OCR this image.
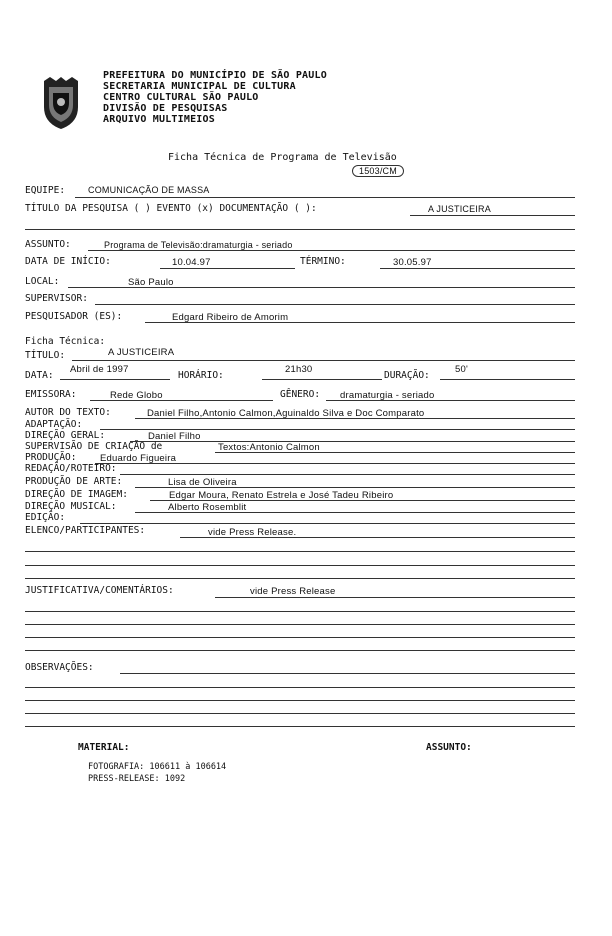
PREFEITURA DO MUNICÍPIO DE SÃO PAULO
SECRETARIA MUNICIPAL DE CULTURA
CENTRO CULTURAL SÃO PAULO
DIVISÃO DE PESQUISAS
ARQUIVO MULTIMEIOS
Ficha Técnica de Programa de Televisão
1503/CM
EQUIPE:	COMUNICAÇÃO DE MASSA
TÍTULO DA PESQUISA ( ) EVENTO (x) DOCUMENTAÇÃO ( ):	A JUSTICEIRA
ASSUNTO:	Programa de Televisão:dramaturgia - seriado
DATA DE INÍCIO:	10.04.97	TÉRMINO:	30.05.97
LOCAL:	São Paulo
SUPERVISOR:
PESQUISADOR (ES):	Edgard Ribeiro de Amorim
Ficha Técnica:
TÍTULO:	A JUSTICEIRA
DATA:
Abril de 1997
HORÁRIO:
21h30
DURAÇÃO:
50'
EMISSORA:	Rede Globo	GÊNERO: dramaturgia - seriado
AUTOR DO TEXTO:	Daniel Filho,Antonio Calmon,Aguinaldo Silva e Doc Comparato
ADAPTAÇÃO:
DIREÇÃO GERAL:	Daniel Filho
SUPERVISÃO DE CRIAÇÃO de	Textos:Antonio Calmon
PRODUÇÃO: Eduardo Figueira
REDAÇÃO/ROTEIRO:
PRODUÇÃO DE ARTE:	Lisa de Oliveira
DIREÇÃO DE IMAGEM:	Edgar Moura, Renato Estrela e José Tadeu Ribeiro
DIREÇÃO MUSICAL:	Alberto Rosemblit
EDIÇÃO:
ELENCO/PARTICIPANTES:	vide Press Release.
JUSTIFICATIVA/COMENTÁRIOS:	vide Press Release
OBSERVAÇÕES:
MATERIAL:	ASSUNTO:
FOTOGRAFIA: 106611 à 106614
PRESS-RELEASE: 1092
